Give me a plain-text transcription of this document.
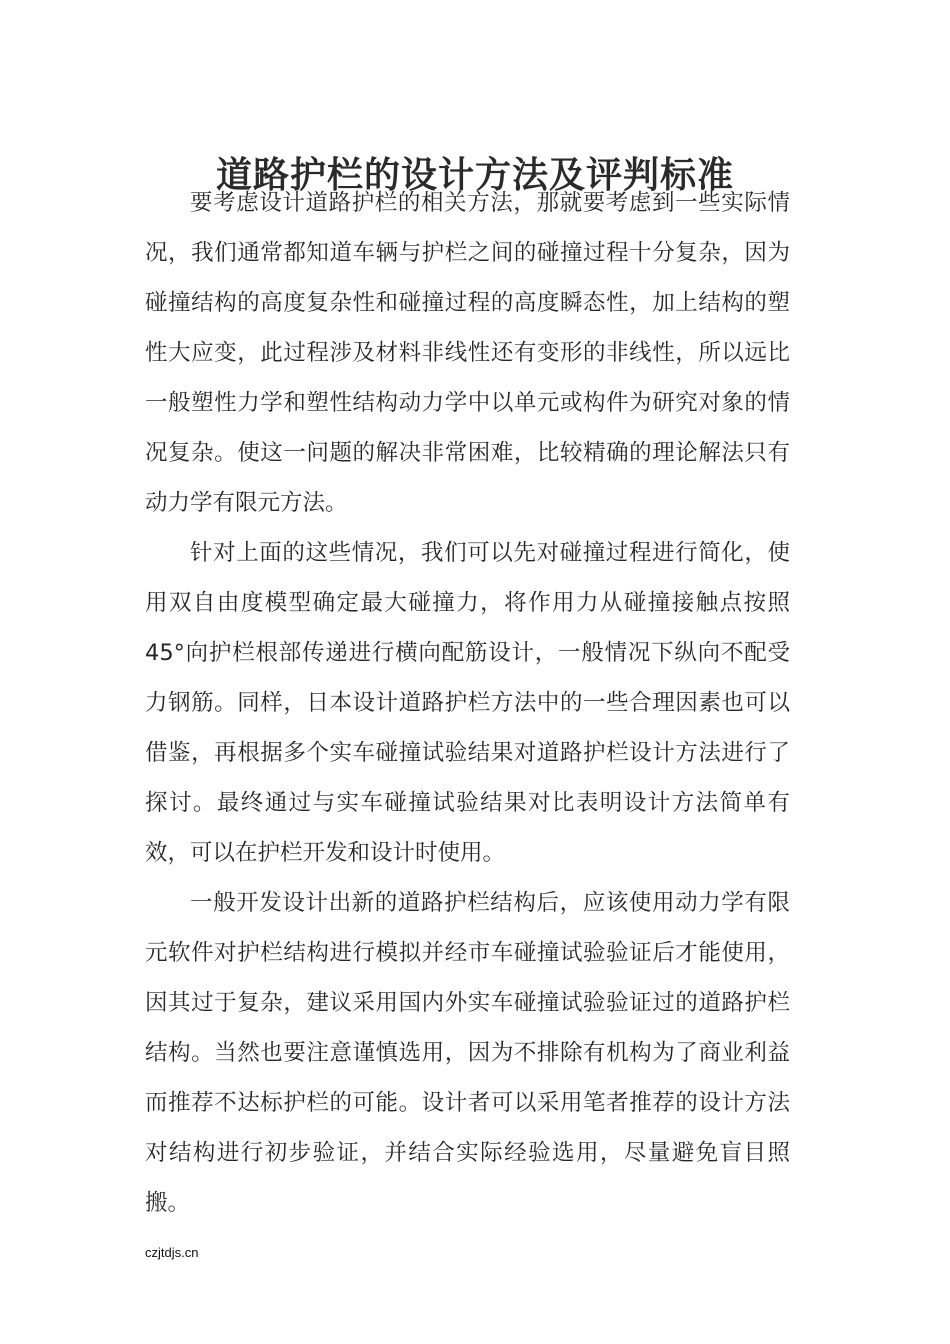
道路护栏的设计方法及评判标准

要考虑设计道路护栏的相关方法，那就要考虑到一些实际情况，我们通常都知道车辆与护栏之间的碰撞过程十分复杂，因为碰撞结构的高度复杂性和碰撞过程的高度瞬态性，加上结构的塑性大应变，此过程涉及材料非线性还有变形的非线性，所以远比一般塑性力学和塑性结构动力学中以单元或构件为研究对象的情况复杂。使这一问题的解决非常困难，比较精确的理论解法只有动力学有限元方法。

针对上面的这些情况，我们可以先对碰撞过程进行简化，使用双自由度模型确定最大碰撞力，将作用力从碰撞接触点按照 45°向护栏根部传递进行横向配筋设计，一般情况下纵向不配受力钢筋。同样，日本设计道路护栏方法中的一些合理因素也可以借鉴，再根据多个实车碰撞试验结果对道路护栏设计方法进行了探讨。最终通过与实车碰撞试验结果对比表明设计方法简单有效，可以在护栏开发和设计时使用。

一般开发设计出新的道路护栏结构后，应该使用动力学有限元软件对护栏结构进行模拟并经市车碰撞试验验证后才能使用，因其过于复杂，建议采用国内外实车碰撞试验验证过的道路护栏结构。当然也要注意谨慎选用，因为不排除有机构为了商业利益而推荐不达标护栏的可能。设计者可以采用笔者推荐的设计方法对结构进行初步验证，并结合实际经验选用，尽量避免盲目照搬。

czjtdjs.cn
